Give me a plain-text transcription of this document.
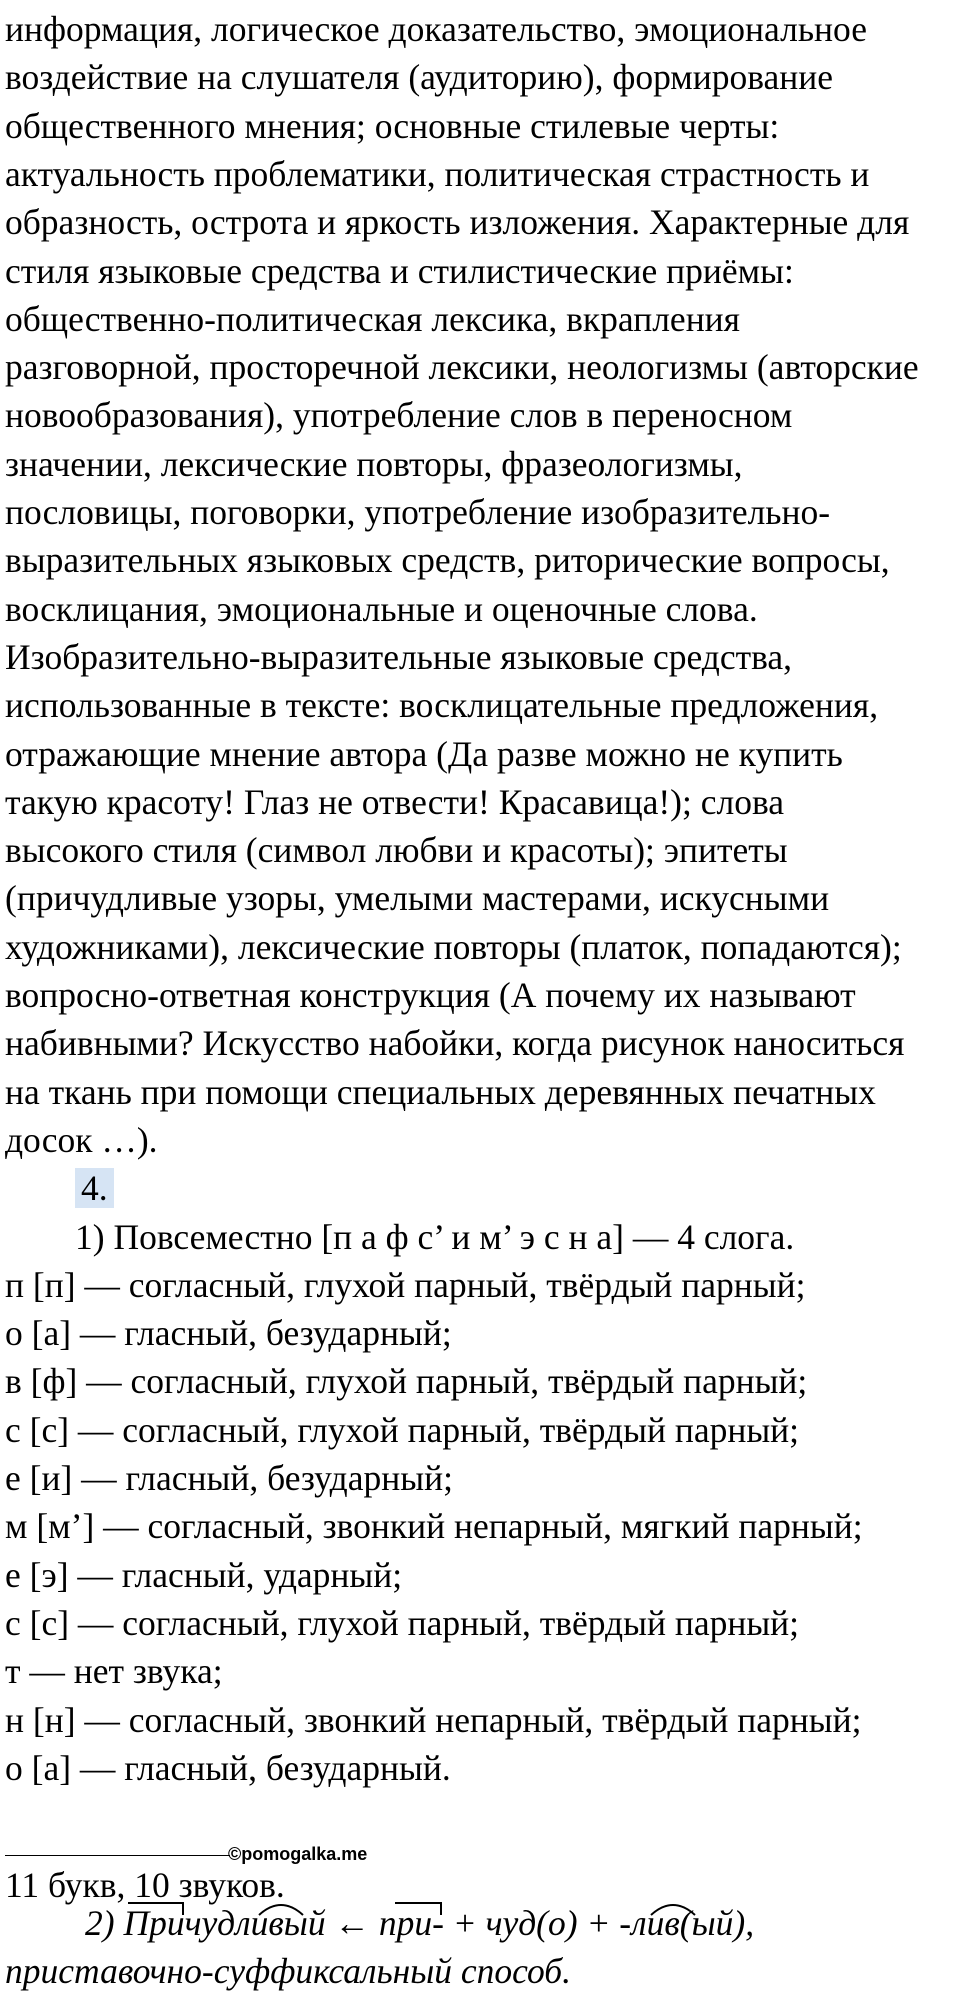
информация, логическое доказательство, эмоциональное
воздействие на слушателя (аудиторию), формирование
общественного мнения; основные стилевые черты:
актуальность проблематики, политическая страстность и
образность, острота и яркость изложения. Характерные для
стиля языковые средства и стилистические приёмы:
общественно-политическая лексика, вкрапления
разговорной, просторечной лексики, неологизмы (авторские
новообразования), употребление слов в переносном
значении, лексические повторы, фразеологизмы,
пословицы, поговорки, употребление изобразительно-
выразительных языковых средств, риторические вопросы,
восклицания, эмоциональные и оценочные слова.
Изобразительно-выразительные языковые средства,
использованные в тексте: восклицательные предложения,
отражающие мнение автора (Да разве можно не купить
такую красоту! Глаз не отвести! Красавица!); слова
высокого стиля (символ любви и красоты); эпитеты
(причудливые узоры, умелыми мастерами, искусными
художниками), лексические повторы (платок, попадаются);
вопросно-ответная конструкция (А почему их называют
набивными? Искусство набойки, когда рисунок наноситься
на ткань при помощи специальных деревянных печатных
досок …).
4.
1) Повсеместно [п а ф с’ и м’ э с н а] — 4 слога.
п [п] — согласный, глухой парный, твёрдый парный;
о [а] — гласный, безударный;
в [ф] — согласный, глухой парный, твёрдый парный;
с [с] — согласный, глухой парный, твёрдый парный;
е [и] — гласный, безударный;
м [м’] — согласный, звонкий непарный, мягкий парный;
е [э] — гласный, ударный;
с [с] — согласный, глухой парный, твёрдый парный;
т — нет звука;
н [н] — согласный, звонкий непарный, твёрдый парный;
о [а] — гласный, безударный.
©pomogalka.me
11 букв, 10 звуков.
2) Причудливый ← при- + чуд(о) + -лив(ый),
приставочно-суффиксальный способ.
